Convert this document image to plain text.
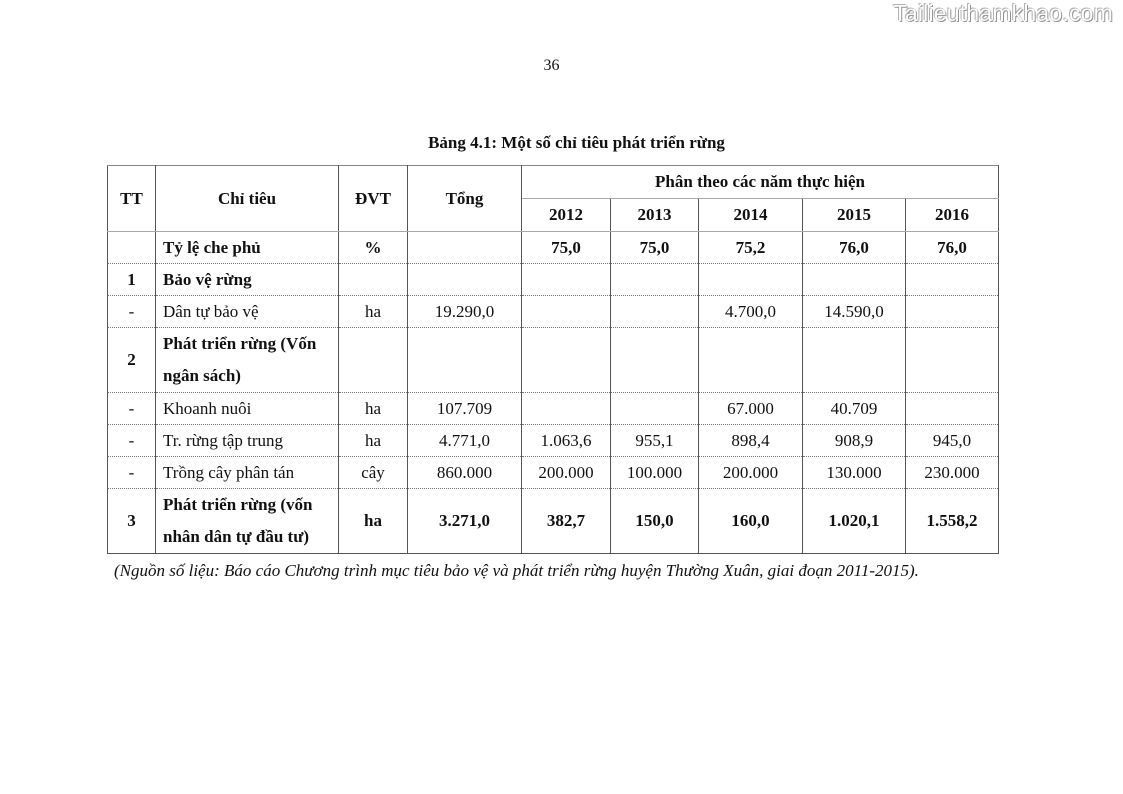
Tailieuthamkhao.com
36
Bảng 4.1: Một số chỉ tiêu phát triển rừng
TT	Chỉ tiêu	ĐVT	Tổng	Phân theo các năm thực hiện				
				2012	2013	2014	2015	2016
	Tỷ lệ che phủ	%		75,0	75,0	75,2	76,0	76,0
1	Bảo vệ rừng							
-	Dân tự bảo vệ	ha	19.290,0			4.700,0	14.590,0	
2	Phát triển rừng (Vốn
ngân sách)							
-	Khoanh nuôi	ha	107.709			67.000	40.709	
-	Tr. rừng tập trung	ha	4.771,0	1.063,6	955,1	898,4	908,9	945,0
-	Trồng cây phân tán	cây	860.000	200.000	100.000	200.000	130.000	230.000
3	Phát triển rừng (vốn
nhân dân tự đầu tư)	ha	3.271,0	382,7	150,0	160,0	1.020,1	1.558,2
(Nguồn số liệu: Báo cáo Chương trình mục tiêu bảo vệ và phát triển rừng huyện Thường Xuân, giai đoạn 2011-2015).
